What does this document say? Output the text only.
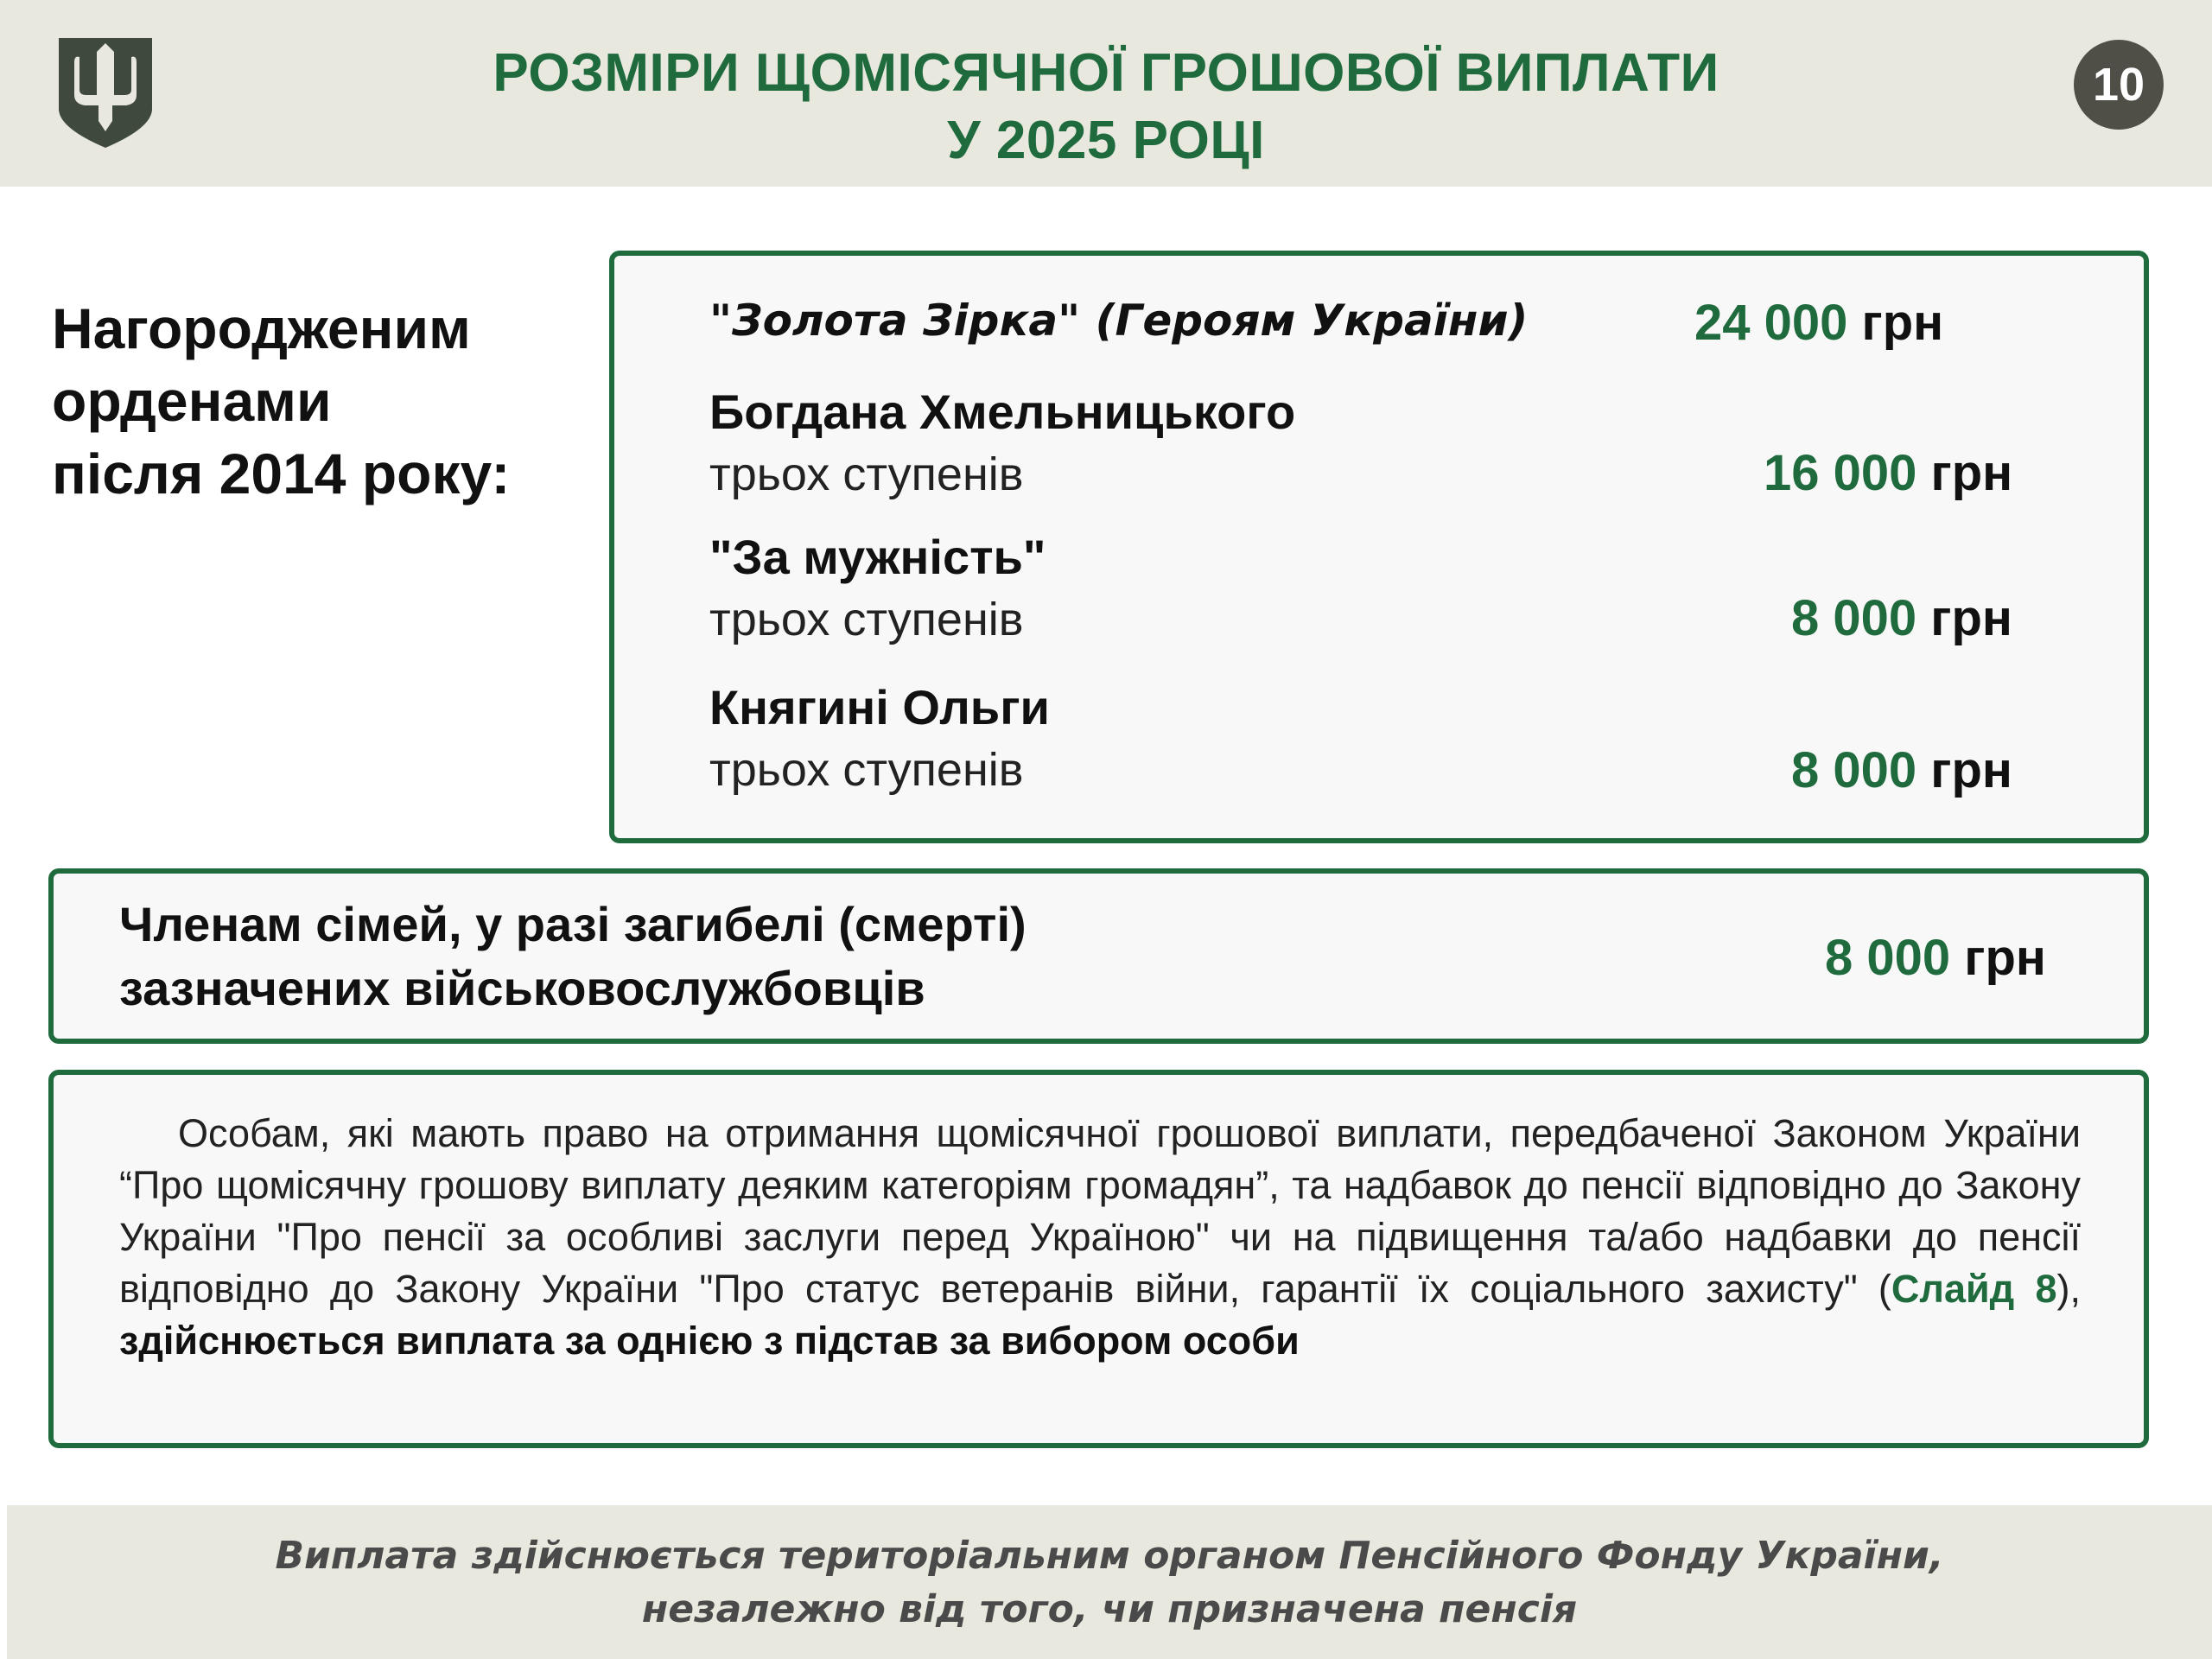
РОЗМІРИ ЩОМІСЯЧНОЇ ГРОШОВОЇ ВИПЛАТИ
У 2025 РОЦІ
10
Нагородженим
орденами
після 2014 року:
"Золота Зірка" (Героям України)	24 000 грн
Богдана Хмельницького
трьох ступенів	16 000 грн
"За мужність"
трьох ступенів	8 000 грн
Княгині Ольги
трьох ступенів	8 000 грн
Членам сімей, у разі загибелі (смерті)
зазначених військовослужбовців
8 000 грн
Особам, які мають право на отримання щомісячної грошової виплати, передбаченої Законом України “Про щомісячну грошову виплату деяким категоріям громадян”, та надбавок до пенсії відповідно до Закону України "Про пенсії за особливі заслуги перед Україною" чи на підвищення та/або надбавки до пенсії відповідно до Закону України "Про статус ветеранів війни, гарантії їх соціального захисту" (Слайд 8), здійснюється виплата за однією з підстав за вибором особи
Виплата здійснюється територіальним органом Пенсійного Фонду України,
незалежно від того, чи призначена пенсія
